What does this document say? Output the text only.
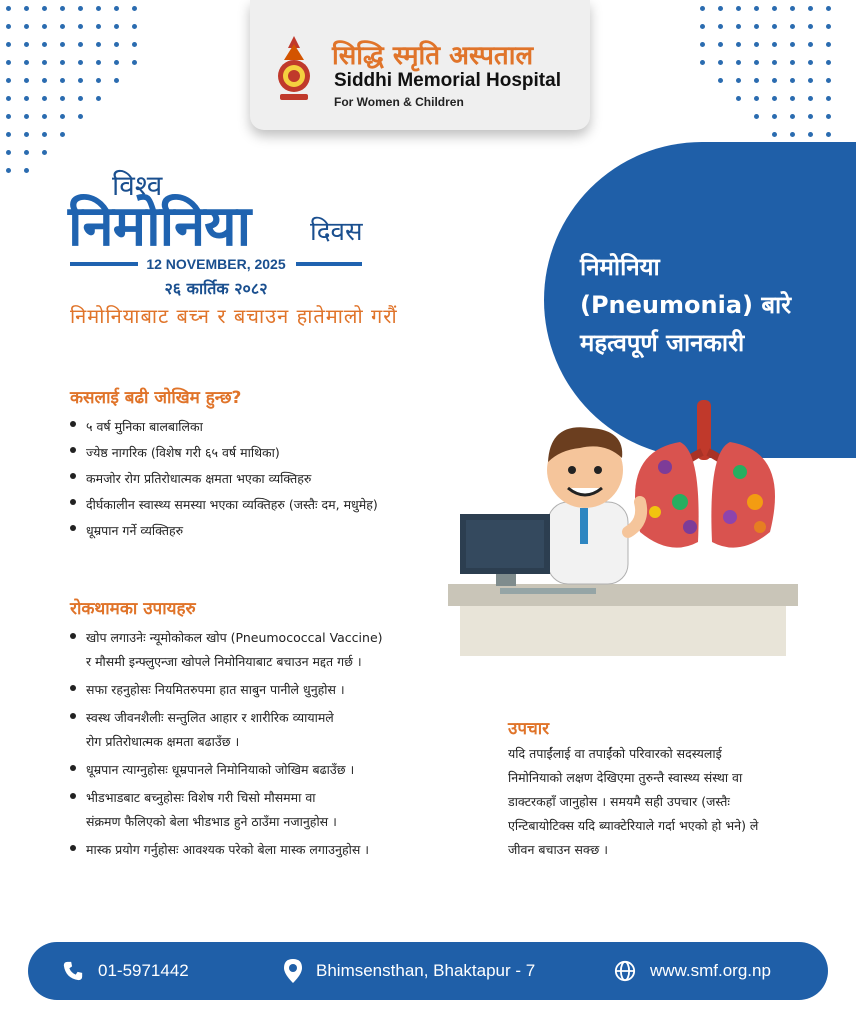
सिद्धि स्मृति अस्पताल
Siddhi Memorial Hospital
For Women & Children
विश्व
निमोनिया दिवस
12 NOVEMBER, 2025
२६ कार्तिक २०८२
निमोनियाबाट बच्न र बचाउन हातेमालो गरौं
निमोनिया
(Pneumonia) बारे
महत्वपूर्ण जानकारी
कसलाई बढी जोखिम हुन्छ?
५ वर्ष मुनिका बालबालिका
ज्येष्ठ नागरिक (विशेष गरी ६५ वर्ष माथिका)
कमजोर रोग प्रतिरोधात्मक क्षमता भएका व्यक्तिहरु
दीर्घकालीन स्वास्थ्य समस्या भएका व्यक्तिहरु (जस्तैः दम, मधुमेह)
धूम्रपान गर्ने व्यक्तिहरु
रोकथामका उपायहरु
खोप लगाउनेः न्यूमोकोकल खोप (Pneumococcal Vaccine)
र मौसमी इन्फ्लुएन्जा खोपले निमोनियाबाट बचाउन मद्दत गर्छ ।
सफा रहनुहोसः नियमितरुपमा हात साबुन पानीले धुनुहोस ।
स्वस्थ जीवनशैलीः सन्तुलित आहार र शारीरिक व्यायामले
रोग प्रतिरोधात्मक क्षमता बढाउँछ ।
धूम्रपान त्याग्नुहोसः धूम्रपानले निमोनियाको जोखिम बढाउँछ ।
भीडभाडबाट बच्नुहोसः विशेष गरी चिसो मौसममा वा
संक्रमण फैलिएको बेला भीडभाड हुने ठाउँमा नजानुहोस ।
मास्क प्रयोग गर्नुहोसः आवश्यक परेको बेला मास्क लगाउनुहोस ।
उपचार
यदि तपाईंलाई वा तपाईंको परिवारको सदस्यलाई निमोनियाको लक्षण देखिएमा तुरुन्तै स्वास्थ्य संस्था वा डाक्टरकहाँ जानुहोस । समयमै सही उपचार (जस्तैः एन्टिबायोटिक्स यदि ब्याक्टेरियाले गर्दा भएको हो भने) ले जीवन बचाउन सक्छ ।
01-5971442	Bhimsensthan, Bhaktapur - 7	www.smf.org.np
